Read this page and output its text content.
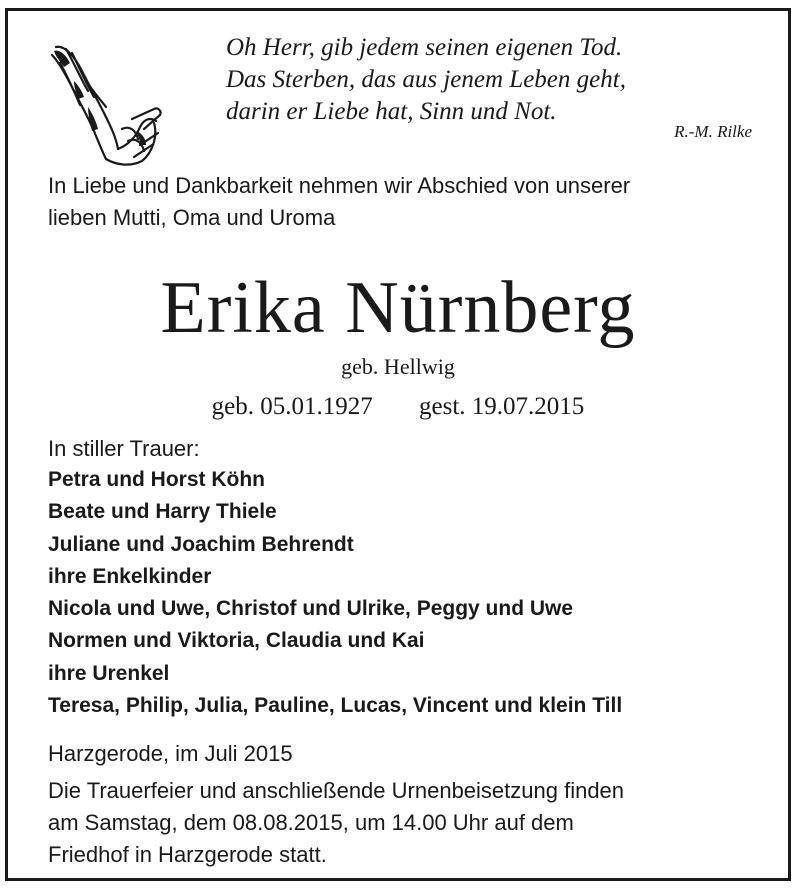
Oh Herr, gib jedem seinen eigenen Tod.
Das Sterben, das aus jenem Leben geht,
darin er Liebe hat, Sinn und Not.
R.-M. Rilke
In Liebe und Dankbarkeit nehmen wir Abschied von unserer
lieben Mutti, Oma und Uroma
Erika Nürnberg
geb. Hellwig
geb. 05.01.1927 gest. 19.07.2015
In stiller Trauer:
Petra und Horst Köhn
Beate und Harry Thiele
Juliane und Joachim Behrendt
ihre Enkelkinder
Nicola und Uwe, Christof und Ulrike, Peggy und Uwe
Normen und Viktoria, Claudia und Kai
ihre Urenkel
Teresa, Philip, Julia, Pauline, Lucas, Vincent und klein Till
Harzgerode, im Juli 2015
Die Trauerfeier und anschließende Urnenbeisetzung finden
am Samstag, dem 08.08.2015, um 14.00 Uhr auf dem
Friedhof in Harzgerode statt.
